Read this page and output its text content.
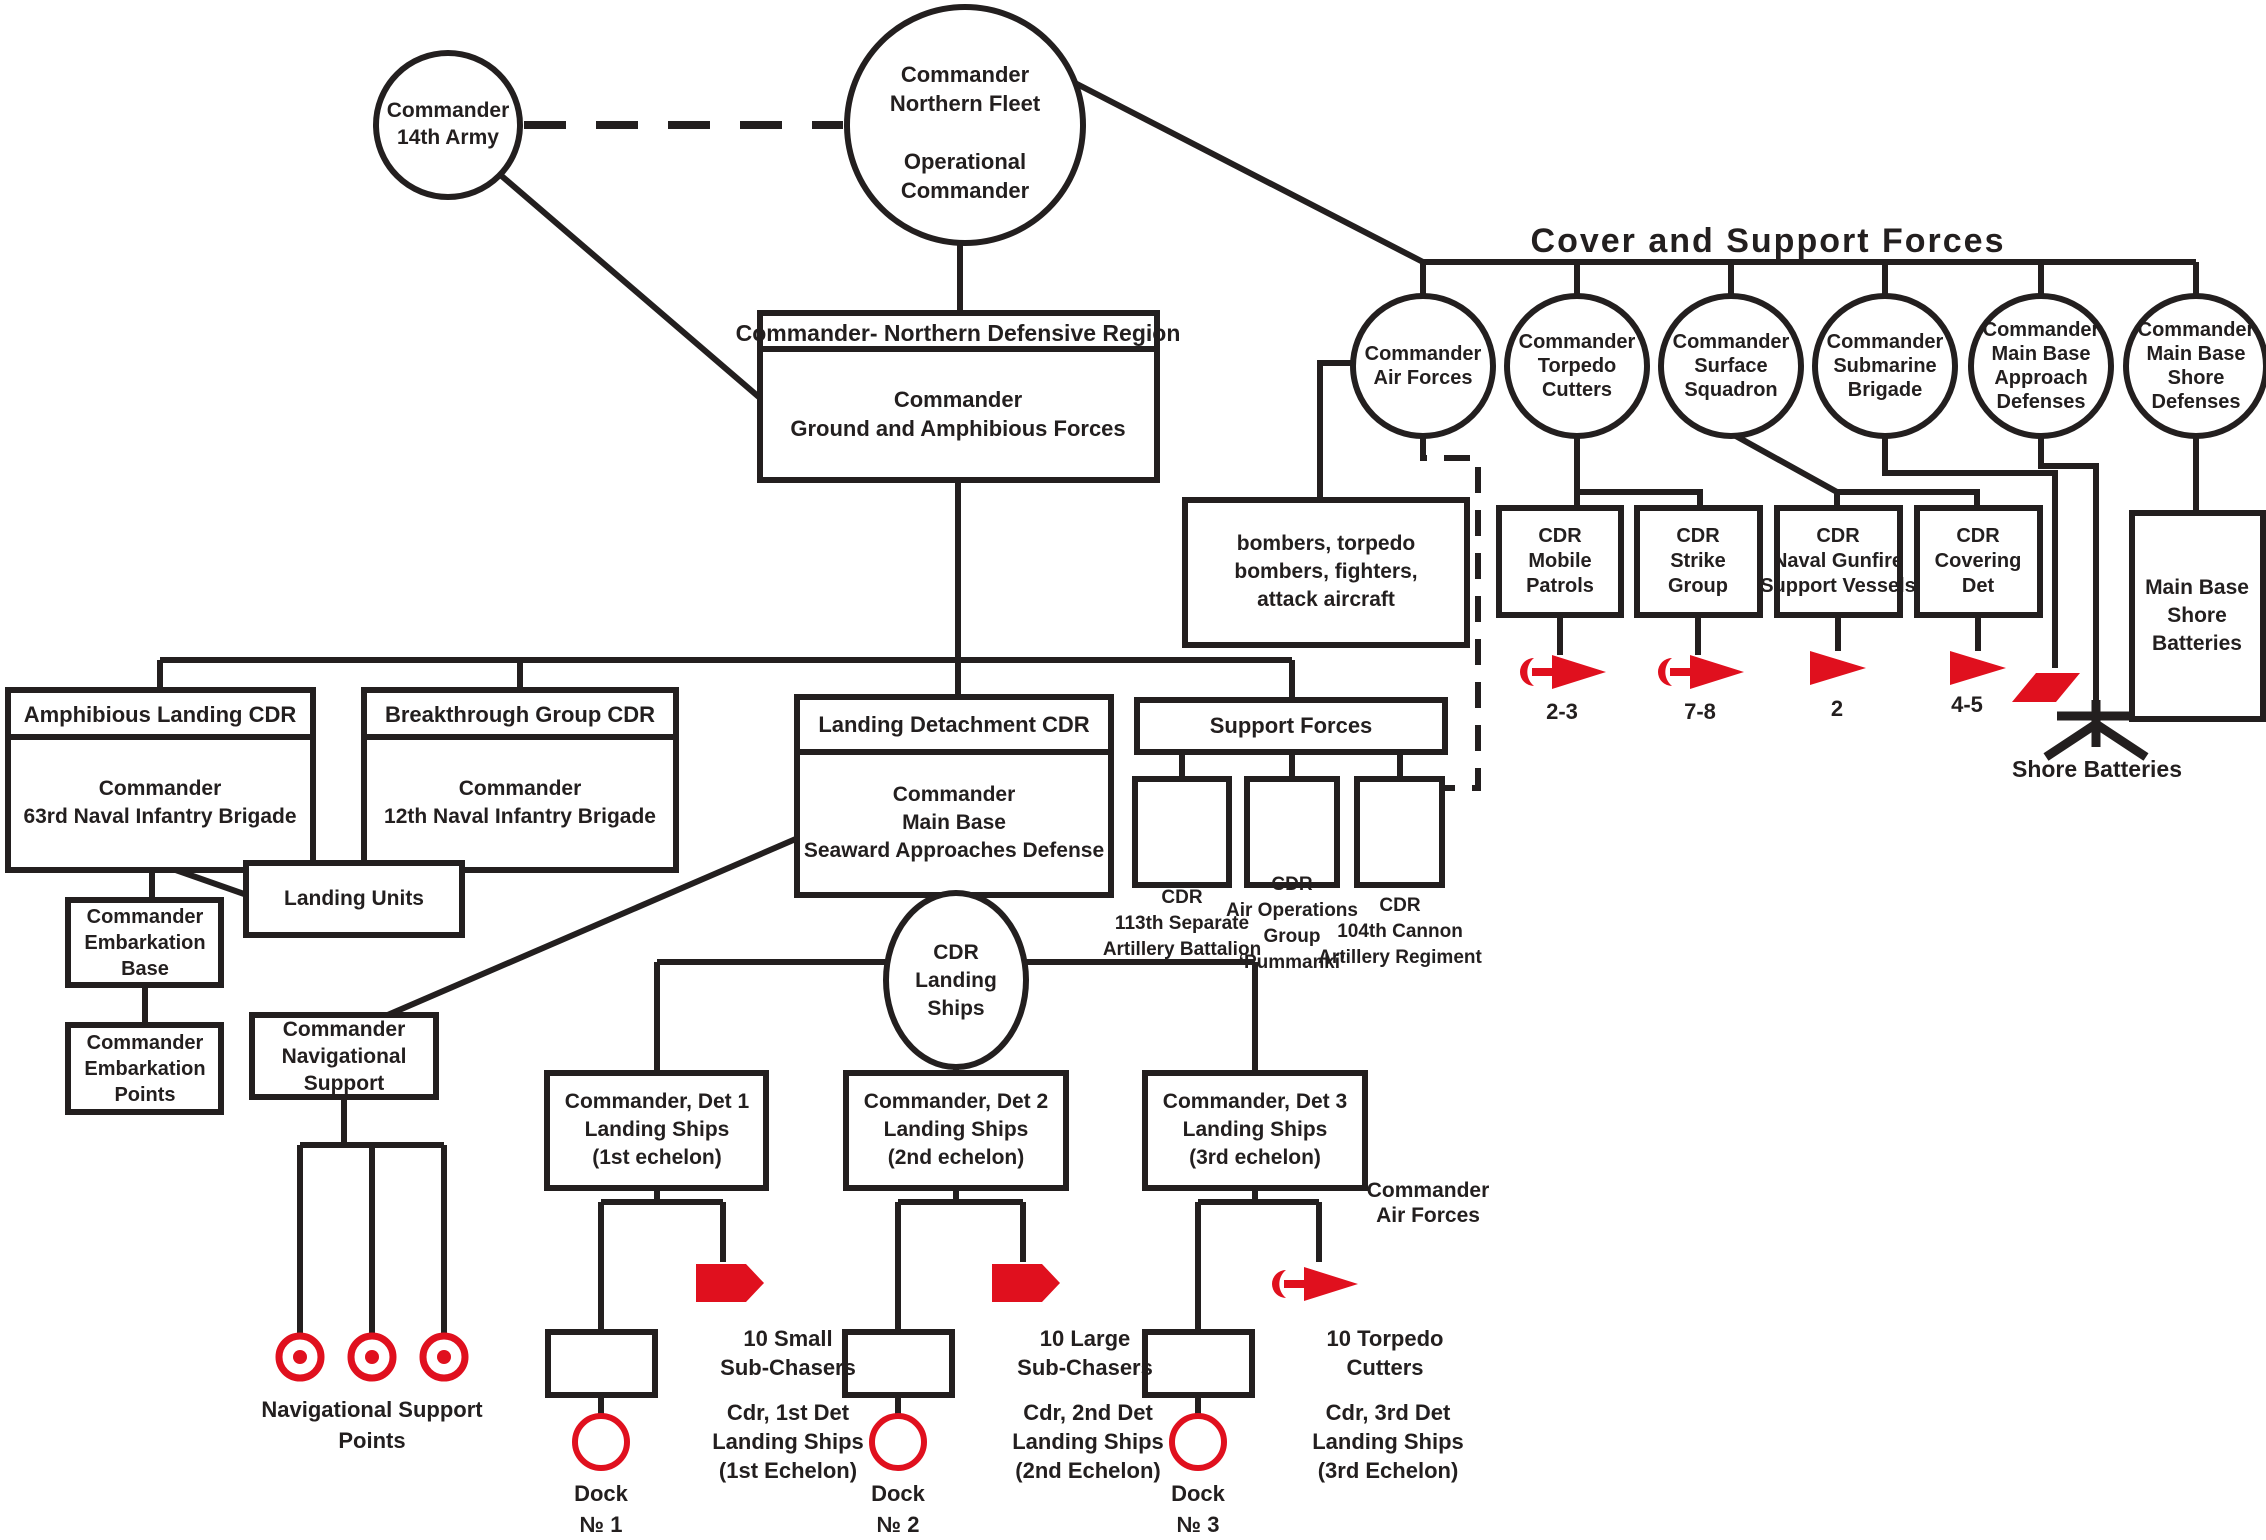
Commander
14th Army
Commander
Northern Fleet
Operational
Commander
Commander- Northern Defensive Region
Commander
Ground and Amphibious Forces
Cover and Support Forces
Commander
Air Forces
Commander
Torpedo
Cutters
Commander
Surface
Squadron
Commander
Submarine
Brigade
Commander
Main Base
Approach
Defenses
Commander
Main Base
Shore
Defenses
bombers, torpedo
bombers, fighters,
attack aircraft
CDR
Mobile
Patrols
CDR
Strike
Group
CDR
Naval Gunfire
Support Vessels
CDR
Covering
Det
2-3	7-8	2	4-5
Shore Batteries
Main Base
Shore
Batteries
Amphibious Landing CDR
Commander
63rd Naval Infantry Brigade
Breakthrough Group CDR
Commander
12th Naval Infantry Brigade
Landing Detachment CDR
Commander
Main Base
Seaward Approaches Defense
Support Forces
CDR
113th Separate
Artillery Battalion
CDR
Air Operations
Group
‘Pummanki’
CDR
104th Cannon
Artillery Regiment
Landing Units
Commander
Embarkation
Base
Commander
Embarkation
Points
Commander
Navigational
Support
Navigational Support
Points
CDR
Landing
Ships
Commander, Det 1
Landing Ships
(1st echelon)
Commander, Det 2
Landing Ships
(2nd echelon)
Commander, Det 3
Landing Ships
(3rd echelon)
Commander
Air Forces
10 Small
Sub-Chasers
10 Large
Sub-Chasers
10 Torpedo
Cutters
Cdr, 1st Det
Landing Ships
(1st Echelon)
Cdr, 2nd Det
Landing Ships
(2nd Echelon)
Cdr, 3rd Det
Landing Ships
(3rd Echelon)
Dock
№ 1
Dock
№ 2
Dock
№ 3
